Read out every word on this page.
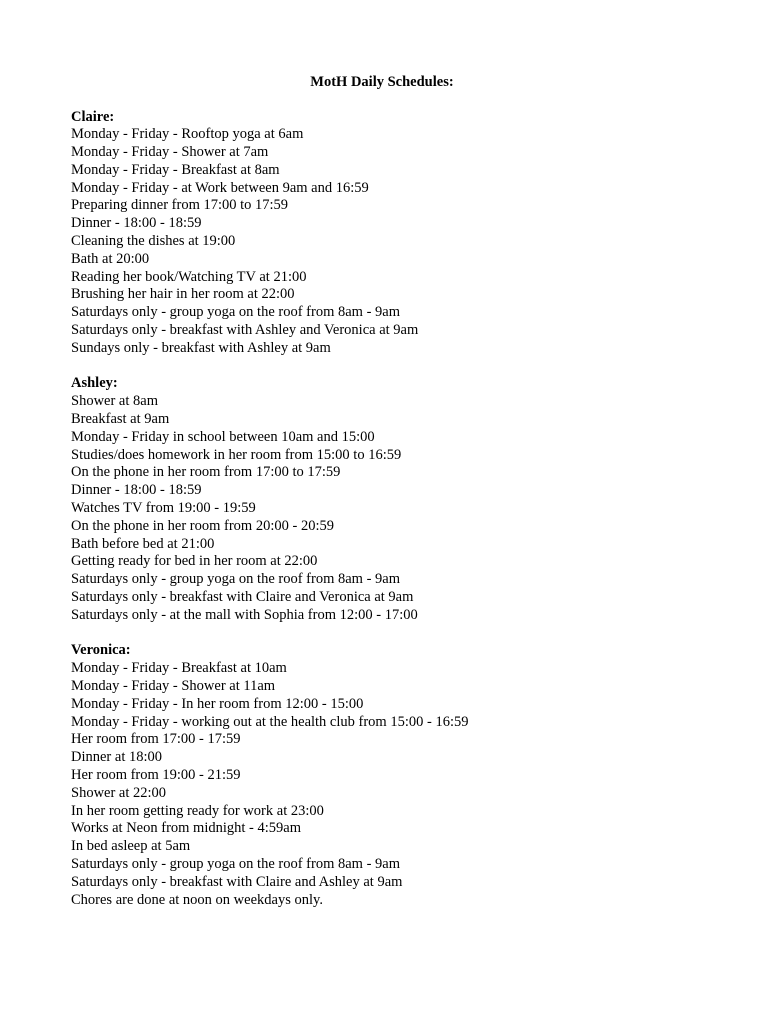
MotH Daily Schedules:
Claire:
Monday - Friday - Rooftop yoga at 6am
Monday - Friday - Shower at 7am
Monday - Friday - Breakfast at 8am
Monday - Friday - at Work between 9am and 16:59
Preparing dinner from 17:00 to 17:59
Dinner - 18:00 - 18:59
Cleaning the dishes at 19:00
Bath at 20:00
Reading her book/Watching TV at 21:00
Brushing her hair in her room at 22:00
Saturdays only - group yoga on the roof from 8am - 9am
Saturdays only - breakfast with Ashley and Veronica at 9am
Sundays only - breakfast with Ashley at 9am
Ashley:
Shower at 8am
Breakfast at 9am
Monday - Friday in school between 10am and 15:00
Studies/does homework in her room from 15:00 to 16:59
On the phone in her room from 17:00 to 17:59
Dinner - 18:00 - 18:59
Watches TV from 19:00 - 19:59
On the phone in her room from 20:00 - 20:59
Bath before bed at 21:00
Getting ready for bed in her room at 22:00
Saturdays only - group yoga on the roof from 8am - 9am
Saturdays only - breakfast with Claire and Veronica at 9am
Saturdays only - at the mall with Sophia from 12:00 - 17:00
Veronica:
Monday - Friday - Breakfast at 10am
Monday - Friday - Shower at 11am
Monday - Friday - In her room from 12:00 - 15:00
Monday - Friday - working out at the health club from 15:00 - 16:59
Her room from 17:00 - 17:59
Dinner at 18:00
Her room from 19:00 - 21:59
Shower at 22:00
In her room getting ready for work at 23:00
Works at Neon from midnight - 4:59am
In bed asleep at 5am
Saturdays only - group yoga on the roof from 8am - 9am
Saturdays only - breakfast with Claire and Ashley at 9am
Chores are done at noon on weekdays only.
